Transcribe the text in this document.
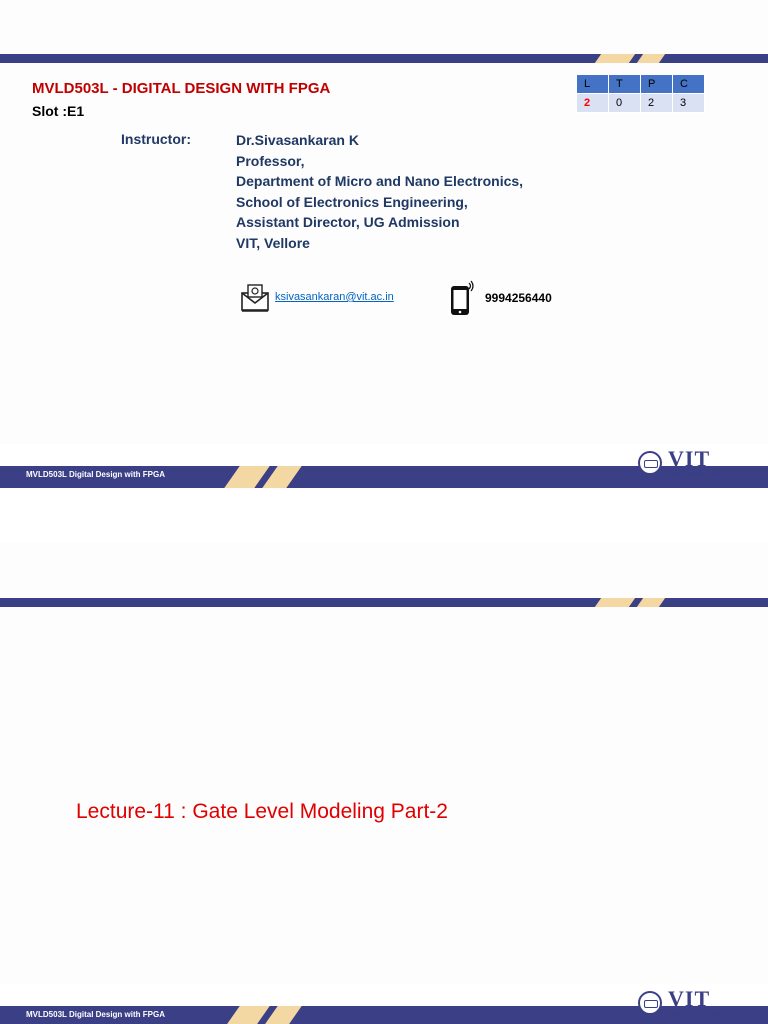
MVLD503L - DIGITAL DESIGN WITH FPGA
Slot :E1
L	T	P	C
2	0	2	3
Instructor:	Dr.Sivasankaran K
Professor,
Department of Micro and Nano Electronics,
School of Electronics Engineering,
Assistant Director, UG Admission
VIT, Vellore
ksivasankaran@vit.ac.in	9994256440
MVLD503L Digital Design with FPGA
VIT
Vellore Institute of Technology
Lecture-11 : Gate Level Modeling Part-2
MVLD503L Digital Design with FPGA
VIT
Vellore Institute of Technology
